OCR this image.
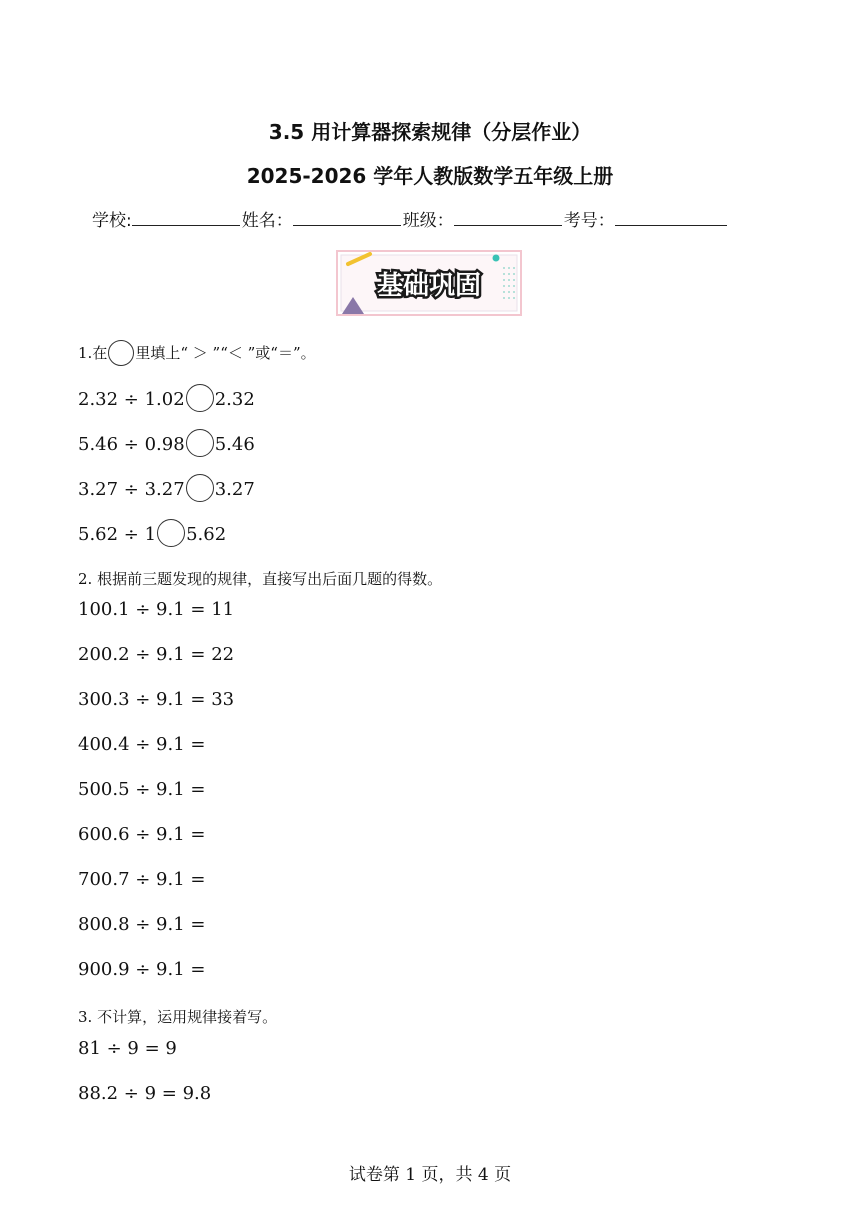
3.5 用计算器探索规律（分层作业）
2025-2026 学年人教版数学五年级上册
学校:	姓名：	班级：	考号：
基础巩固
1.在 里填上“ ＞ ”“＜ ”或“＝”。
2.32 ÷ 1.02 2.32
5.46 ÷ 0.98 5.46
3.27 ÷ 3.27 3.27
5.62 ÷ 1 5.62
2. 根据前三题发现的规律，直接写出后面几题的得数。
100.1 ÷ 9.1 = 11
200.2 ÷ 9.1 = 22
300.3 ÷ 9.1 = 33
400.4 ÷ 9.1 =
500.5 ÷ 9.1 =
600.6 ÷ 9.1 =
700.7 ÷ 9.1 =
800.8 ÷ 9.1 =
900.9 ÷ 9.1 =
3. 不计算，运用规律接着写。
81 ÷ 9 = 9
88.2 ÷ 9 = 9.8
试卷第 1 页，共 4 页
